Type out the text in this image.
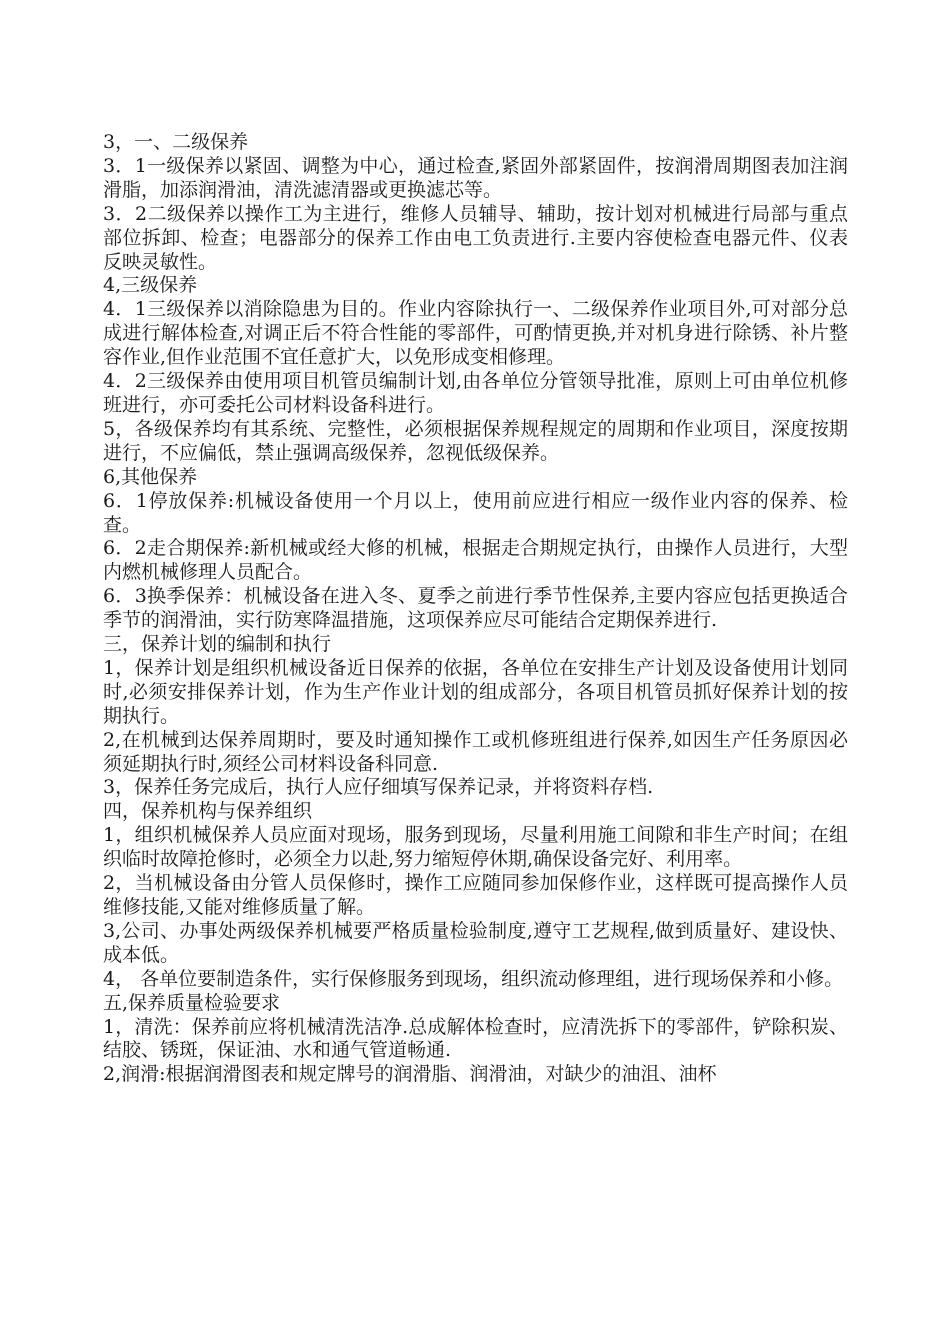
3，一、二级保养

3．1一级保养以紧固、调整为中心，通过检查,紧固外部紧固件，按润滑周期图表加注润滑脂，加添润滑油，清洗滤清器或更换滤芯等。

3．2二级保养以操作工为主进行，维修人员辅导、辅助，按计划对机械进行局部与重点部位拆卸、检查；电器部分的保养工作由电工负责进行.主要内容使检查电器元件、仪表反映灵敏性。

4,三级保养

4．1三级保养以消除隐患为目的。作业内容除执行一、二级保养作业项目外,可对部分总成进行解体检查,对调正后不符合性能的零部件，可酌情更换,并对机身进行除锈、补片整容作业,但作业范围不宜任意扩大，以免形成变相修理。

4．2三级保养由使用项目机管员编制计划,由各单位分管领导批准，原则上可由单位机修班进行，亦可委托公司材料设备科进行。

5，各级保养均有其系统、完整性，必须根据保养规程规定的周期和作业项目，深度按期进行，不应偏低，禁止强调高级保养，忽视低级保养。

6,其他保养

6．1停放保养:机械设备使用一个月以上，使用前应进行相应一级作业内容的保养、检查。

6．2走合期保养:新机械或经大修的机械，根据走合期规定执行，由操作人员进行，大型内燃机械修理人员配合。

6．3换季保养：机械设备在进入冬、夏季之前进行季节性保养,主要内容应包括更换适合季节的润滑油，实行防寒降温措施，这项保养应尽可能结合定期保养进行.

三，保养计划的编制和执行

1，保养计划是组织机械设备近日保养的依据，各单位在安排生产计划及设备使用计划同时,必须安排保养计划，作为生产作业计划的组成部分，各项目机管员抓好保养计划的按期执行。

2,在机械到达保养周期时，要及时通知操作工或机修班组进行保养,如因生产任务原因必须延期执行时,须经公司材料设备科同意.

3，保养任务完成后，执行人应仔细填写保养记录，并将资料存档.

四，保养机构与保养组织

1，组织机械保养人员应面对现场，服务到现场，尽量利用施工间隙和非生产时间；在组织临时故障抢修时，必须全力以赴,努力缩短停休期,确保设备完好、利用率。

2，当机械设备由分管人员保修时，操作工应随同参加保修作业，这样既可提高操作人员维修技能,又能对维修质量了解。

3,公司、办事处两级保养机械要严格质量检验制度,遵守工艺规程,做到质量好、建设快、成本低。

4， 各单位要制造条件，实行保修服务到现场，组织流动修理组，进行现场保养和小修。

五,保养质量检验要求

1，清洗：保养前应将机械清洗洁净.总成解体检查时，应清洗拆下的零部件，铲除积炭、结胶、锈斑，保证油、水和通气管道畅通.

2,润滑:根据润滑图表和规定牌号的润滑脂、润滑油，对缺少的油沮、油杯
